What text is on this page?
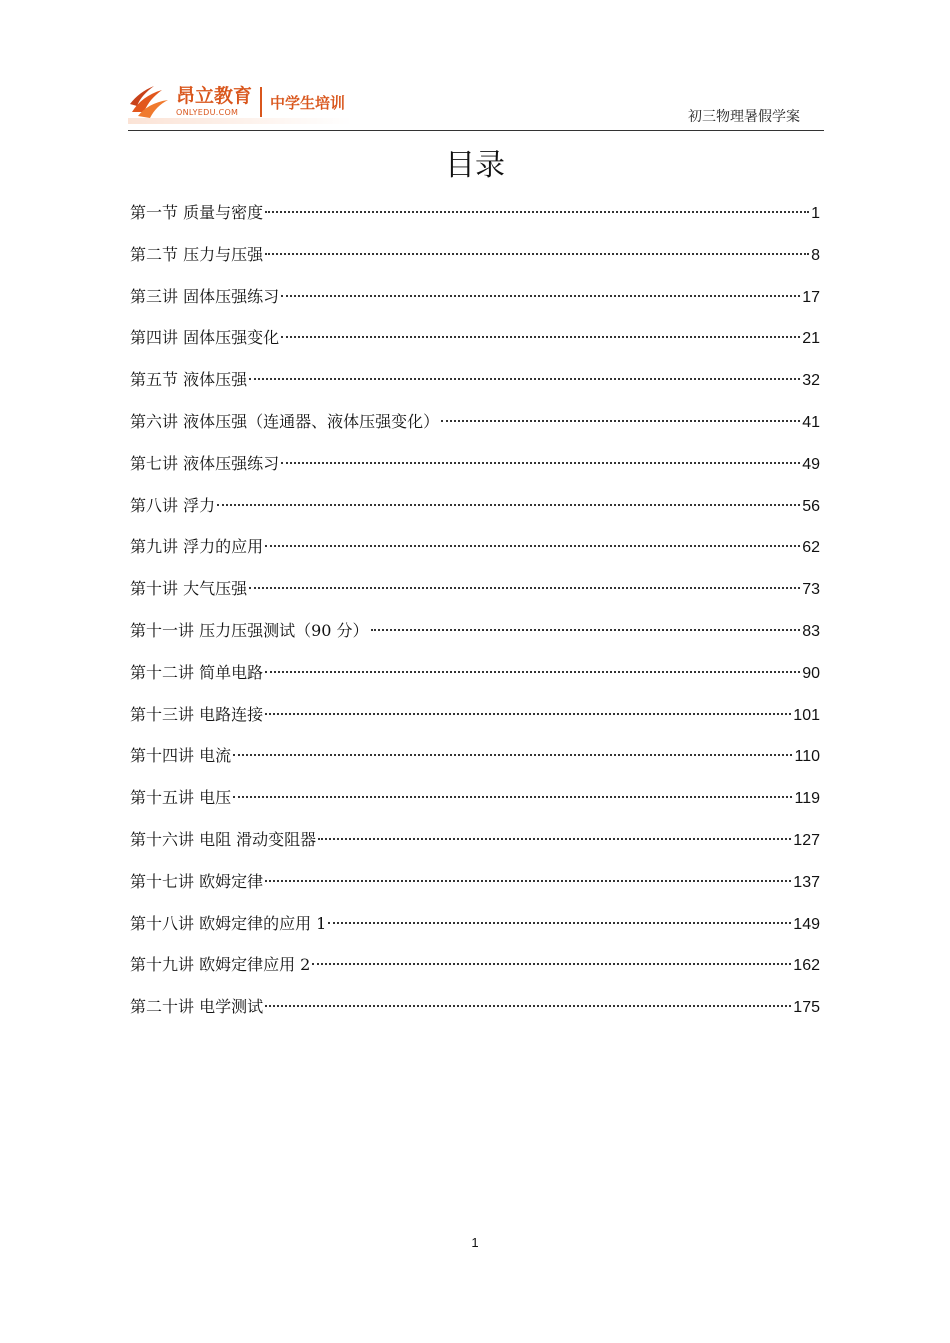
昂立教育
ONLYEDU.COM
中学生培训
初三物理暑假学案
目录
第一节 质量与密度	1
第二节 压力与压强	8
第三讲 固体压强练习	17
第四讲 固体压强变化	21
第五节 液体压强	32
第六讲 液体压强（连通器、液体压强变化）	41
第七讲 液体压强练习	49
第八讲 浮力	56
第九讲 浮力的应用	62
第十讲 大气压强	73
第十一讲 压力压强测试（90 分）	83
第十二讲 简单电路	90
第十三讲 电路连接	101
第十四讲 电流	110
第十五讲 电压	119
第十六讲 电阻 滑动变阻器	127
第十七讲 欧姆定律	137
第十八讲 欧姆定律的应用 1	149
第十九讲 欧姆定律应用 2	162
第二十讲 电学测试	175
1
